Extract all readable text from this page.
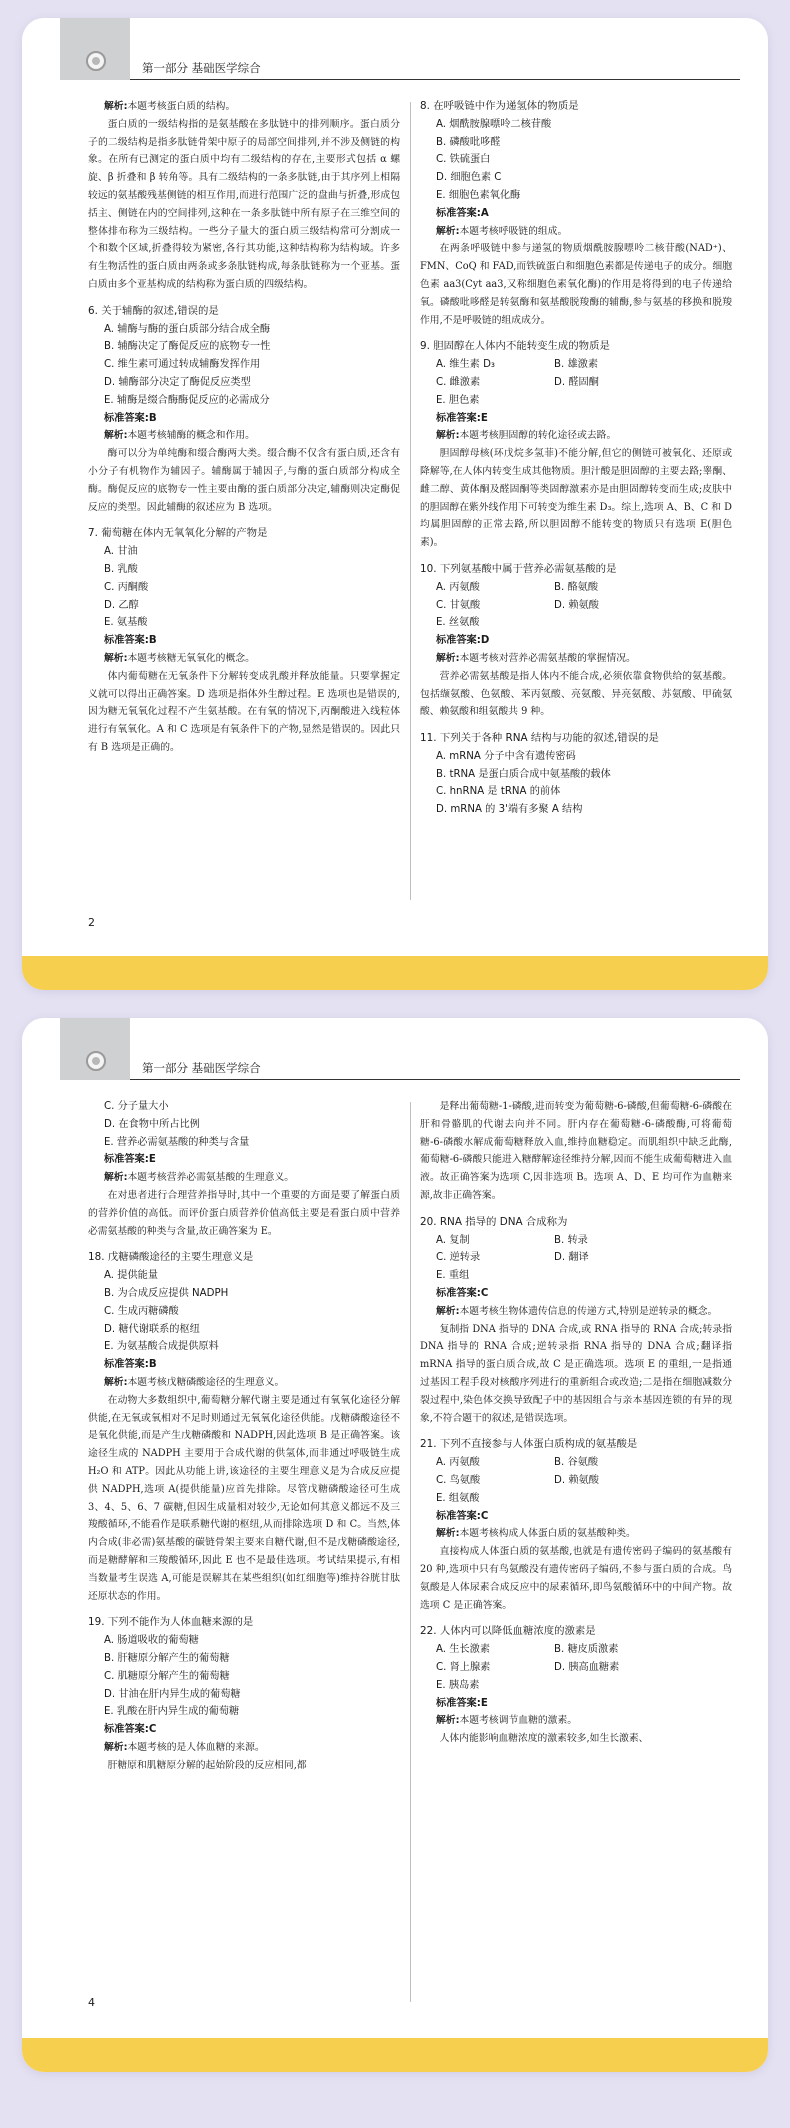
第一部分 基础医学综合

解析:本题考核蛋白质的结构。

蛋白质的一级结构指的是氨基酸在多肽链中的排列顺序。蛋白质分子的二级结构是指多肽链骨架中原子的局部空间排列,并不涉及侧链的构象。在所有已测定的蛋白质中均有二级结构的存在,主要形式包括 α 螺旋、β 折叠和 β 转角等。具有二级结构的一条多肽链,由于其序列上相隔较远的氨基酸残基侧链的相互作用,而进行范围广泛的盘曲与折叠,形成包括主、侧链在内的空间排列,这种在一条多肽链中所有原子在三维空间的整体排布称为三级结构。一些分子量大的蛋白质三级结构常可分割成一个和数个区域,折叠得较为紧密,各行其功能,这种结构称为结构域。许多有生物活性的蛋白质由两条或多条肽链构成,每条肽链称为一个亚基。蛋白质由多个亚基构成的结构称为蛋白质的四级结构。

6. 关于辅酶的叙述,错误的是

A. 辅酶与酶的蛋白质部分结合成全酶

B. 辅酶决定了酶促反应的底物专一性

C. 维生素可通过转成辅酶发挥作用

D. 辅酶部分决定了酶促反应类型

E. 辅酶是缀合酶酶促反应的必需成分

标准答案:B

解析:本题考核辅酶的概念和作用。

酶可以分为单纯酶和缀合酶两大类。缀合酶不仅含有蛋白质,还含有小分子有机物作为辅因子。辅酶属于辅因子,与酶的蛋白质部分构成全酶。酶促反应的底物专一性主要由酶的蛋白质部分决定,辅酶则决定酶促反应的类型。因此辅酶的叙述应为 B 选项。

7. 葡萄糖在体内无氧氧化分解的产物是

A. 甘油

B. 乳酸

C. 丙酮酸

D. 乙醇

E. 氨基酸

标准答案:B

解析:本题考核糖无氧氧化的概念。

体内葡萄糖在无氧条件下分解转变成乳酸并释放能量。只要掌握定义就可以得出正确答案。D 选项是指体外生醇过程。E 选项也是错误的,因为糖无氧氧化过程不产生氨基酸。在有氧的情况下,丙酮酸进入线粒体进行有氧氧化。A 和 C 选项是有氧条件下的产物,显然是错误的。因此只有 B 选项是正确的。

8. 在呼吸链中作为递氢体的物质是

A. 烟酰胺腺嘌呤二核苷酸

B. 磷酸吡哆醛

C. 铁硫蛋白

D. 细胞色素 C

E. 细胞色素氧化酶

标准答案:A

解析:本题考核呼吸链的组成。

在两条呼吸链中参与递氢的物质烟酰胺腺嘌呤二核苷酸(NAD⁺)、FMN、CoQ 和 FAD,而铁硫蛋白和细胞色素都是传递电子的成分。细胞色素 aa3(Cyt aa3,又称细胞色素氧化酶)的作用是将得到的电子传递给氧。磷酸吡哆醛是转氨酶和氨基酸脱羧酶的辅酶,参与氨基的移换和脱羧作用,不是呼吸链的组成成分。

9. 胆固醇在人体内不能转变生成的物质是

A. 维生素 D₃	B. 雄激素
C. 雌激素	D. 醛固酮

E. 胆色素

标准答案:E

解析:本题考核胆固醇的转化途径或去路。

胆固醇母核(环戊烷多氢菲)不能分解,但它的侧链可被氧化、还原或降解等,在人体内转变生成其他物质。胆汁酸是胆固醇的主要去路;睾酮、雌二醇、黄体酮及醛固酮等类固醇激素亦是由胆固醇转变而生成;皮肤中的胆固醇在紫外线作用下可转变为维生素 D₃。综上,选项 A、B、C 和 D 均属胆固醇的正常去路,所以胆固醇不能转变的物质只有选项 E(胆色素)。

10. 下列氨基酸中属于营养必需氨基酸的是

A. 丙氨酸	B. 酪氨酸
C. 甘氨酸	D. 赖氨酸

E. 丝氨酸

标准答案:D

解析:本题考核对营养必需氨基酸的掌握情况。

营养必需氨基酸是指人体内不能合成,必须依靠食物供给的氨基酸。包括缬氨酸、色氨酸、苯丙氨酸、亮氨酸、异亮氨酸、苏氨酸、甲硫氨酸、赖氨酸和组氨酸共 9 种。

11. 下列关于各种 RNA 结构与功能的叙述,错误的是

A. mRNA 分子中含有遗传密码

B. tRNA 是蛋白质合成中氨基酸的载体

C. hnRNA 是 tRNA 的前体

D. mRNA 的 3'端有多聚 A 结构

2
第一部分 基础医学综合

C. 分子量大小

D. 在食物中所占比例

E. 营养必需氨基酸的种类与含量

标准答案:E

解析:本题考核营养必需氨基酸的生理意义。

在对患者进行合理营养指导时,其中一个重要的方面是要了解蛋白质的营养价值的高低。而评价蛋白质营养价值高低主要是看蛋白质中营养必需氨基酸的种类与含量,故正确答案为 E。

18. 戊糖磷酸途径的主要生理意义是

A. 提供能量

B. 为合成反应提供 NADPH

C. 生成丙糖磷酸

D. 糖代谢联系的枢纽

E. 为氨基酸合成提供原料

标准答案:B

解析:本题考核戊糖磷酸途径的生理意义。

在动物大多数组织中,葡萄糖分解代谢主要是通过有氧氧化途径分解供能,在无氧或氧相对不足时则通过无氧氧化途径供能。戊糖磷酸途径不是氧化供能,而是产生戊糖磷酸和 NADPH,因此选项 B 是正确答案。该途径生成的 NADPH 主要用于合成代谢的供氢体,而非通过呼吸链生成 H₂O 和 ATP。因此从功能上讲,该途径的主要生理意义是为合成反应提供 NADPH,选项 A(提供能量)应首先排除。尽管戊糖磷酸途径可生成 3、4、5、6、7 碳糖,但因生成量相对较少,无论如何其意义都远不及三羧酸循环,不能看作是联系糖代谢的枢纽,从而排除选项 D 和 C。当然,体内合成(非必需)氨基酸的碳链骨架主要来自糖代谢,但不是戊糖磷酸途径,而是糖酵解和三羧酸循环,因此 E 也不是最佳选项。考试结果提示,有相当数量考生误选 A,可能是误解其在某些组织(如红细胞等)维持谷胱甘肽还原状态的作用。

19. 下列不能作为人体血糖来源的是

A. 肠道吸收的葡萄糖

B. 肝糖原分解产生的葡萄糖

C. 肌糖原分解产生的葡萄糖

D. 甘油在肝内异生成的葡萄糖

E. 乳酸在肝内异生成的葡萄糖

标准答案:C

解析:本题考核的是人体血糖的来源。

肝糖原和肌糖原分解的起始阶段的反应相同,都

是释出葡萄糖-1-磷酸,进而转变为葡萄糖-6-磷酸,但葡萄糖-6-磷酸在肝和骨骼肌的代谢去向并不同。肝内存在葡萄糖-6-磷酸酶,可将葡萄糖-6-磷酸水解成葡萄糖释放入血,维持血糖稳定。而肌组织中缺乏此酶,葡萄糖-6-磷酸只能进入糖酵解途径维持分解,因而不能生成葡萄糖进入血液。故正确答案为选项 C,因非选项 B。选项 A、D、E 均可作为血糖来源,故非正确答案。

20. RNA 指导的 DNA 合成称为

A. 复制	B. 转录
C. 逆转录	D. 翻译

E. 重组

标准答案:C

解析:本题考核生物体遗传信息的传递方式,特别是逆转录的概念。

复制指 DNA 指导的 DNA 合成,或 RNA 指导的 RNA 合成;转录指 DNA 指导的 RNA 合成;逆转录指 RNA 指导的 DNA 合成;翻译指 mRNA 指导的蛋白质合成,故 C 是正确选项。选项 E 的重组,一是指通过基因工程手段对核酸序列进行的重新组合或改造;二是指在细胞减数分裂过程中,染色体交换导致配子中的基因组合与亲本基因连锁的有异的现象,不符合题干的叙述,是错误选项。

21. 下列不直接参与人体蛋白质构成的氨基酸是

A. 丙氨酸	B. 谷氨酸
C. 鸟氨酸	D. 赖氨酸

E. 组氨酸

标准答案:C

解析:本题考核构成人体蛋白质的氨基酸种类。

直接构成人体蛋白质的氨基酸,也就是有遗传密码子编码的氨基酸有 20 种,选项中只有鸟氨酸没有遗传密码子编码,不参与蛋白质的合成。鸟氨酸是人体尿素合成反应中的尿素循环,即鸟氨酸循环中的中间产物。故选项 C 是正确答案。

22. 人体内可以降低血糖浓度的激素是

A. 生长激素	B. 糖皮质激素
C. 肾上腺素	D. 胰高血糖素

E. 胰岛素

标准答案:E

解析:本题考核调节血糖的激素。

人体内能影响血糖浓度的激素较多,如生长激素、

4
